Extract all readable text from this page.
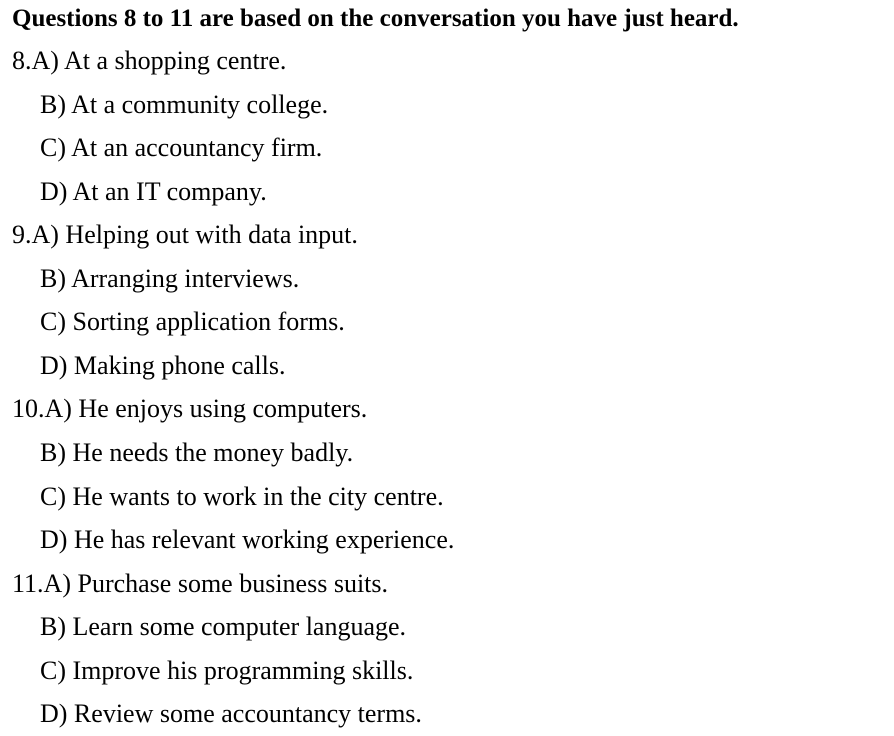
Questions 8 to 11 are based on the conversation you have just heard.
8.A) At a shopping centre.
B) At a community college.
C) At an accountancy firm.
D) At an IT company.
9.A) Helping out with data input.
B) Arranging interviews.
C) Sorting application forms.
D) Making phone calls.
10.A) He enjoys using computers.
B) He needs the money badly.
C) He wants to work in the city centre.
D) He has relevant working experience.
11.A) Purchase some business suits.
B) Learn some computer language.
C) Improve his programming skills.
D) Review some accountancy terms.
